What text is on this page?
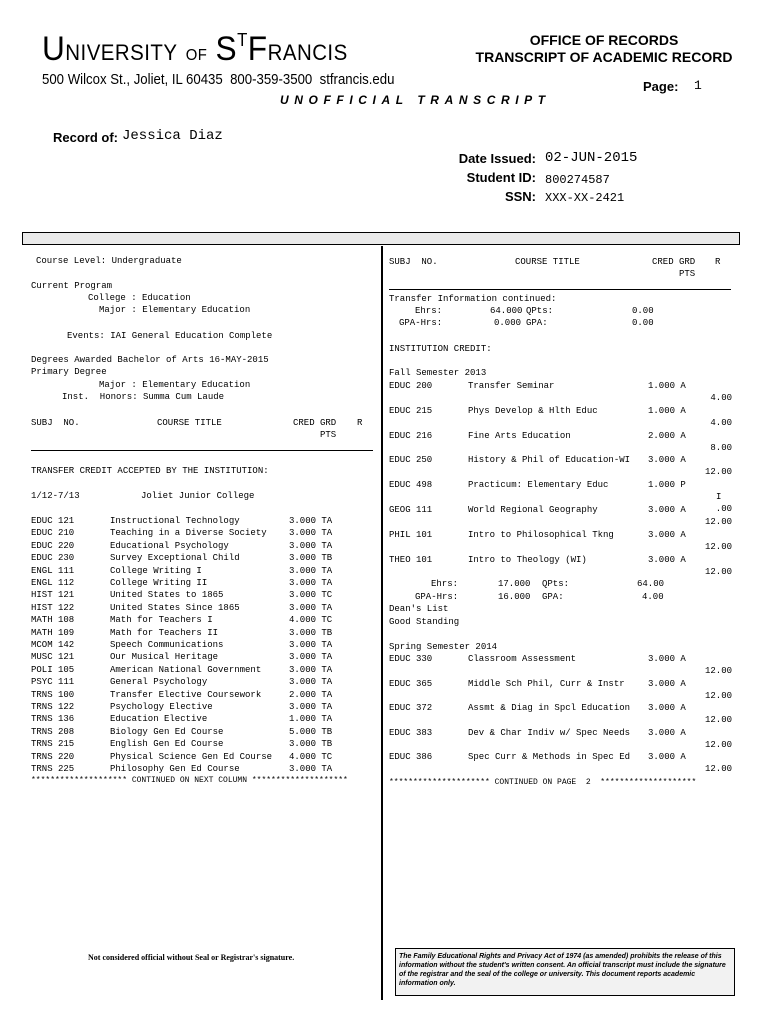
UNIVERSITY OF $S^TFRANCIS$
500 Wilcox St., Joliet, IL 60435  800-359-3500  stfrancis.edu
UNOFFICIAL TRANSCRIPT
OFFICE OF RECORDS
TRANSCRIPT OF ACADEMIC RECORD
Page: 1
Record of: Jessica Diaz
Date Issued: 02-JUN-2015
Student ID: 800274587
SSN: XXX-XX-2421
Course Level: Undergraduate
Current Program
College : Education
Major : Elementary Education
Events: IAI General Education Complete
Degrees Awarded Bachelor of Arts 16-MAY-2015
Primary Degree
Major : Elementary Education
Inst.  Honors: Summa Cum Laude
SUBJ  NO.	COURSE TITLE	CRED GRD R
PTS
TRANSFER CREDIT ACCEPTED BY THE INSTITUTION:
1/12-7/13	Joliet Junior College
EDUC 121	Instructional Technology	3.000 TA
EDUC 210	Teaching in a Diverse Society 3.000 TA
EDUC 220	Educational Psychology	3.000 TA
EDUC 230	Survey Exceptional Child	3.000 TB
ENGL 111	College Writing I	3.000 TA
ENGL 112	College Writing II	3.000 TA
HIST 121	United States to 1865	3.000 TC
HIST 122	United States Since 1865	3.000 TA
MATH 108	Math for Teachers I	4.000 TC
MATH 109	Math for Teachers II	3.000 TB
MCOM 142	Speech Communications	3.000 TA
MUSC 121	Our Musical Heritage	3.000 TA
POLI 105	American National Government	3.000 TA
PSYC 111	General Psychology	3.000 TA
TRNS 100	Transfer Elective Coursework	2.000 TA
TRNS 122	Psychology Elective	3.000 TA
TRNS 136	Education Elective	1.000 TA
TRNS 208	Biology Gen Ed Course	5.000 TB
TRNS 215	English Gen Ed Course	3.000 TB
TRNS 220	Physical Science Gen Ed Course 4.000 TC
TRNS 225	Philosophy Gen Ed Course	3.000 TA
******************** CONTINUED ON NEXT COLUMN ********************
SUBJ  NO.	COURSE TITLE	CRED GRD R
PTS
Transfer Information continued:
Ehrs:	64.000 QPts:	0.00
GPA-Hrs:	0.000 GPA:	0.00
INSTITUTION CREDIT:
Fall Semester 2013
EDUC 200	Transfer Seminar	1.000 A
4.00
EDUC 215	Phys Develop & Hlth Educ	1.000 A
4.00
EDUC 216	Fine Arts Education	2.000 A
8.00
EDUC 250	History & Phil of Education-WI 3.000 A
12.00
EDUC 498	Practicum: Elementary Educ	1.000 P
I
.00
GEOG 111	World Regional Geography	3.000 A
12.00
PHIL 101	Intro to Philosophical Tkng	3.000 A
12.00
THEO 101	Intro to Theology (WI)	3.000 A
12.00
Ehrs:	17.000 QPts:	64.00
GPA-Hrs:	16.000 GPA:	4.00
Dean's List
Good Standing
Spring Semester 2014
EDUC 330	Classroom Assessment	3.000 A
12.00
EDUC 365	Middle Sch Phil, Curr & Instr	3.000 A
12.00
EDUC 372	Assmt & Diag in Spcl Education 3.000 A
12.00
EDUC 383	Dev & Char Indiv w/ Spec Needs 3.000 A
12.00
EDUC 386	Spec Curr & Methods in Spec Ed 3.000 A
12.00
********************* CONTINUED ON PAGE  2  ********************
Not considered official without Seal or Registrar's signature.	The Family Educational Rights and Privacy Act of 1974 (as amended) prohibits the release of this information without the student's written consent. An official transcript must include the signature of the registrar and the seal of the college or university. This document reports academic information only.
